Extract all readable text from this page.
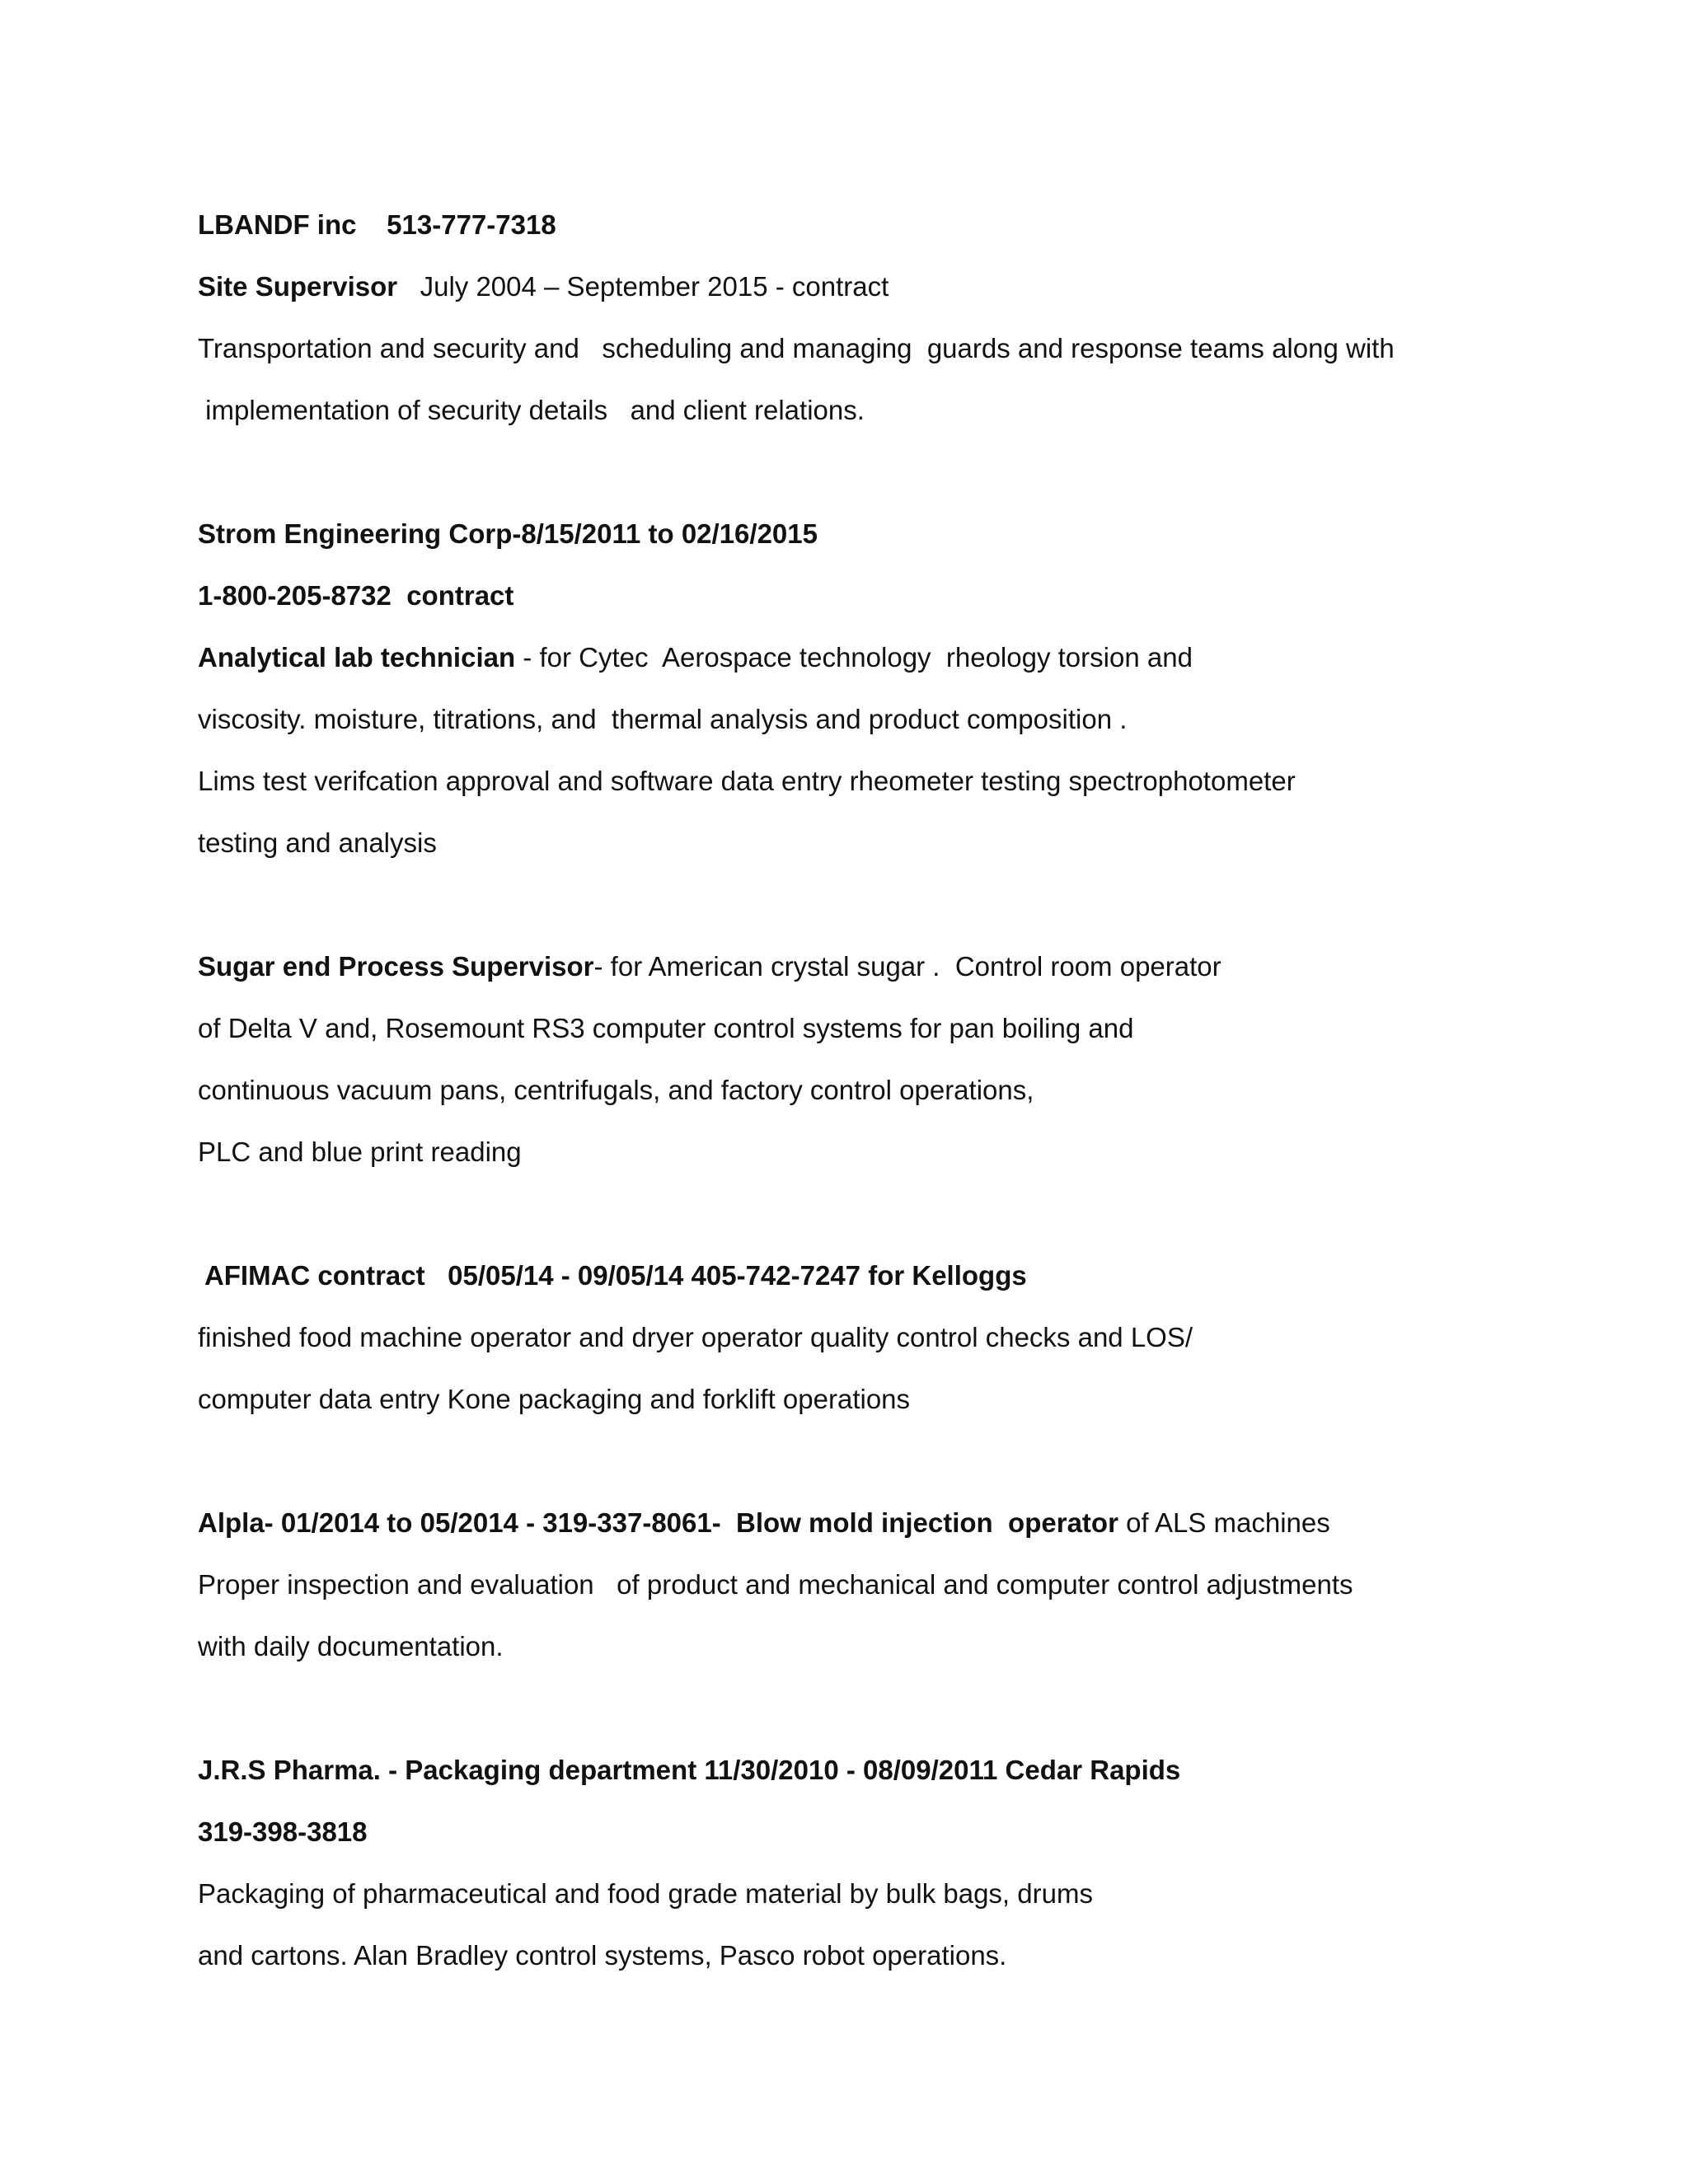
LBANDF inc    513-777-7318
Site Supervisor   July 2004 – September 2015 - contract
Transportation and security and   scheduling and managing  guards and response teams along with
implementation of security details   and client relations.
Strom Engineering Corp-8/15/2011 to 02/16/2015
1-800-205-8732  contract
Analytical lab technician - for Cytec  Aerospace technology  rheology torsion and
viscosity. moisture, titrations, and  thermal analysis and product composition .
Lims test verifcation approval and software data entry rheometer testing spectrophotometer
testing and analysis
Sugar end Process Supervisor- for American crystal sugar .  Control room operator
of Delta V and, Rosemount RS3 computer control systems for pan boiling and
continuous vacuum pans, centrifugals, and factory control operations,
PLC and blue print reading
AFIMAC contract   05/05/14 - 09/05/14 405-742-7247 for Kelloggs
finished food machine operator and dryer operator quality control checks and LOS/
computer data entry Kone packaging and forklift operations
Alpla- 01/2014 to 05/2014 - 319-337-8061-  Blow mold injection  operator of ALS machines
Proper inspection and evaluation   of product and mechanical and computer control adjustments
with daily documentation.
J.R.S Pharma. - Packaging department 11/30/2010 - 08/09/2011 Cedar Rapids
319-398-3818
Packaging of pharmaceutical and food grade material by bulk bags, drums
and cartons. Alan Bradley control systems, Pasco robot operations.
